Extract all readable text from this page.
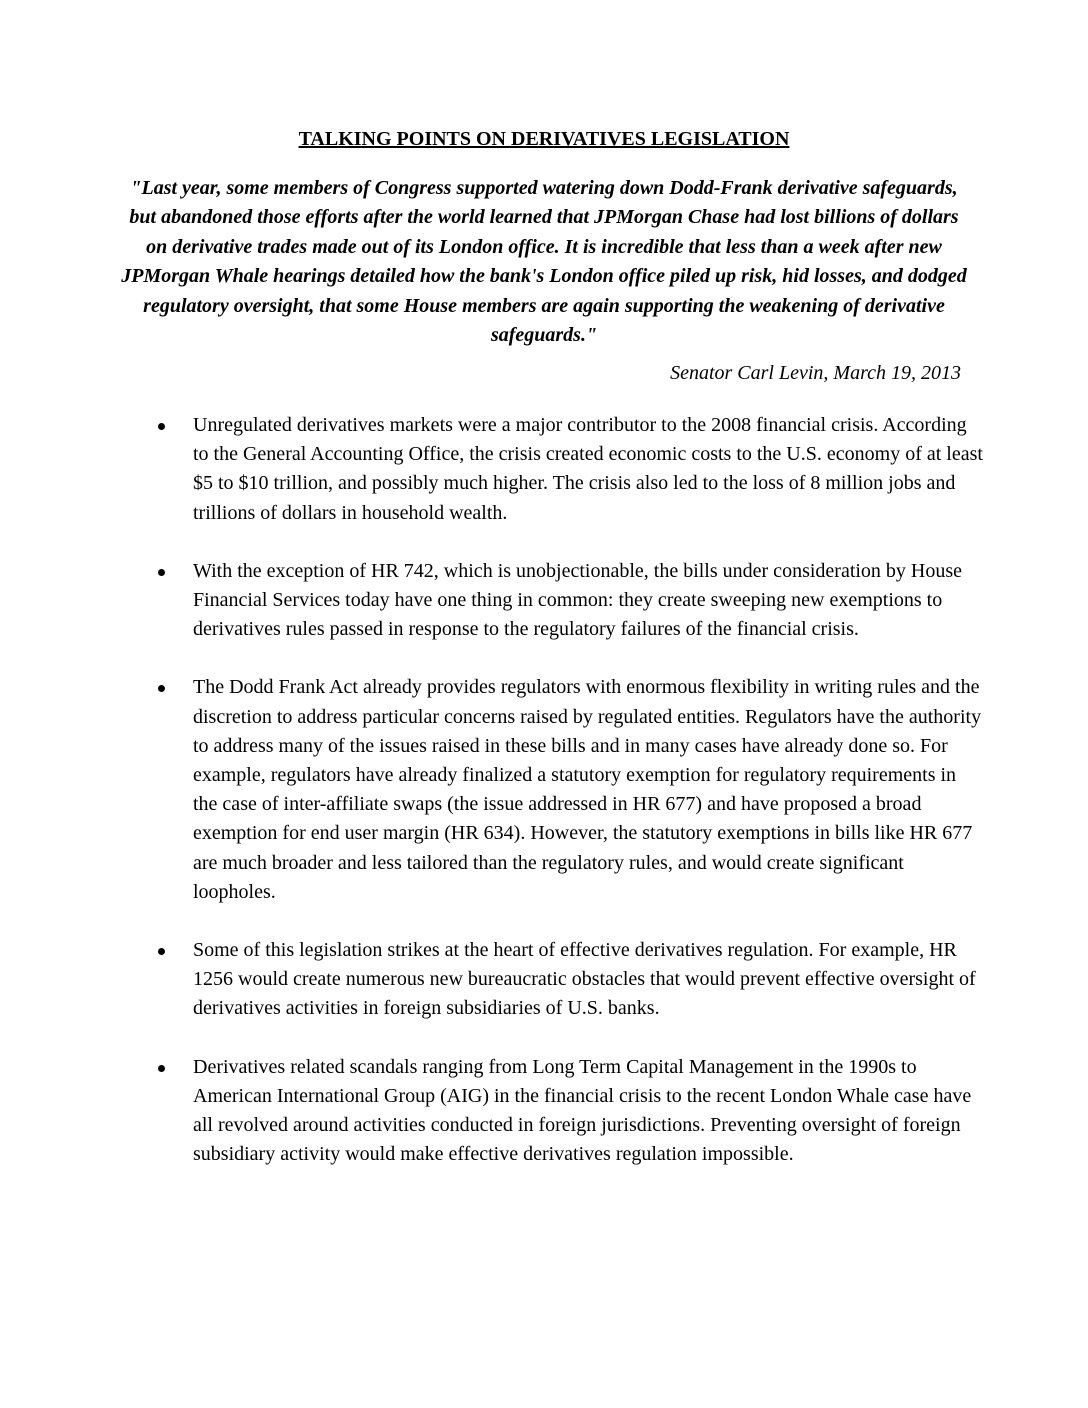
TALKING POINTS ON DERIVATIVES LEGISLATION

"Last year, some members of Congress supported watering down Dodd-Frank derivative safeguards, but abandoned those efforts after the world learned that JPMorgan Chase had lost billions of dollars on derivative trades made out of its London office. It is incredible that less than a week after new JPMorgan Whale hearings detailed how the bank's London office piled up risk, hid losses, and dodged regulatory oversight, that some House members are again supporting the weakening of derivative safeguards."

Senator Carl Levin, March 19, 2013
Unregulated derivatives markets were a major contributor to the 2008 financial crisis. According to the General Accounting Office, the crisis created economic costs to the U.S. economy of at least $5 to $10 trillion, and possibly much higher. The crisis also led to the loss of 8 million jobs and trillions of dollars in household wealth.
With the exception of HR 742, which is unobjectionable, the bills under consideration by House Financial Services today have one thing in common: they create sweeping new exemptions to derivatives rules passed in response to the regulatory failures of the financial crisis.
The Dodd Frank Act already provides regulators with enormous flexibility in writing rules and the discretion to address particular concerns raised by regulated entities. Regulators have the authority to address many of the issues raised in these bills and in many cases have already done so. For example, regulators have already finalized a statutory exemption for regulatory requirements in the case of inter-affiliate swaps (the issue addressed in HR 677) and have proposed a broad exemption for end user margin (HR 634). However, the statutory exemptions in bills like HR 677 are much broader and less tailored than the regulatory rules, and would create significant loopholes.
Some of this legislation strikes at the heart of effective derivatives regulation. For example, HR 1256 would create numerous new bureaucratic obstacles that would prevent effective oversight of derivatives activities in foreign subsidiaries of U.S. banks.
Derivatives related scandals ranging from Long Term Capital Management in the 1990s to American International Group (AIG) in the financial crisis to the recent London Whale case have all revolved around activities conducted in foreign jurisdictions. Preventing oversight of foreign subsidiary activity would make effective derivatives regulation impossible.
